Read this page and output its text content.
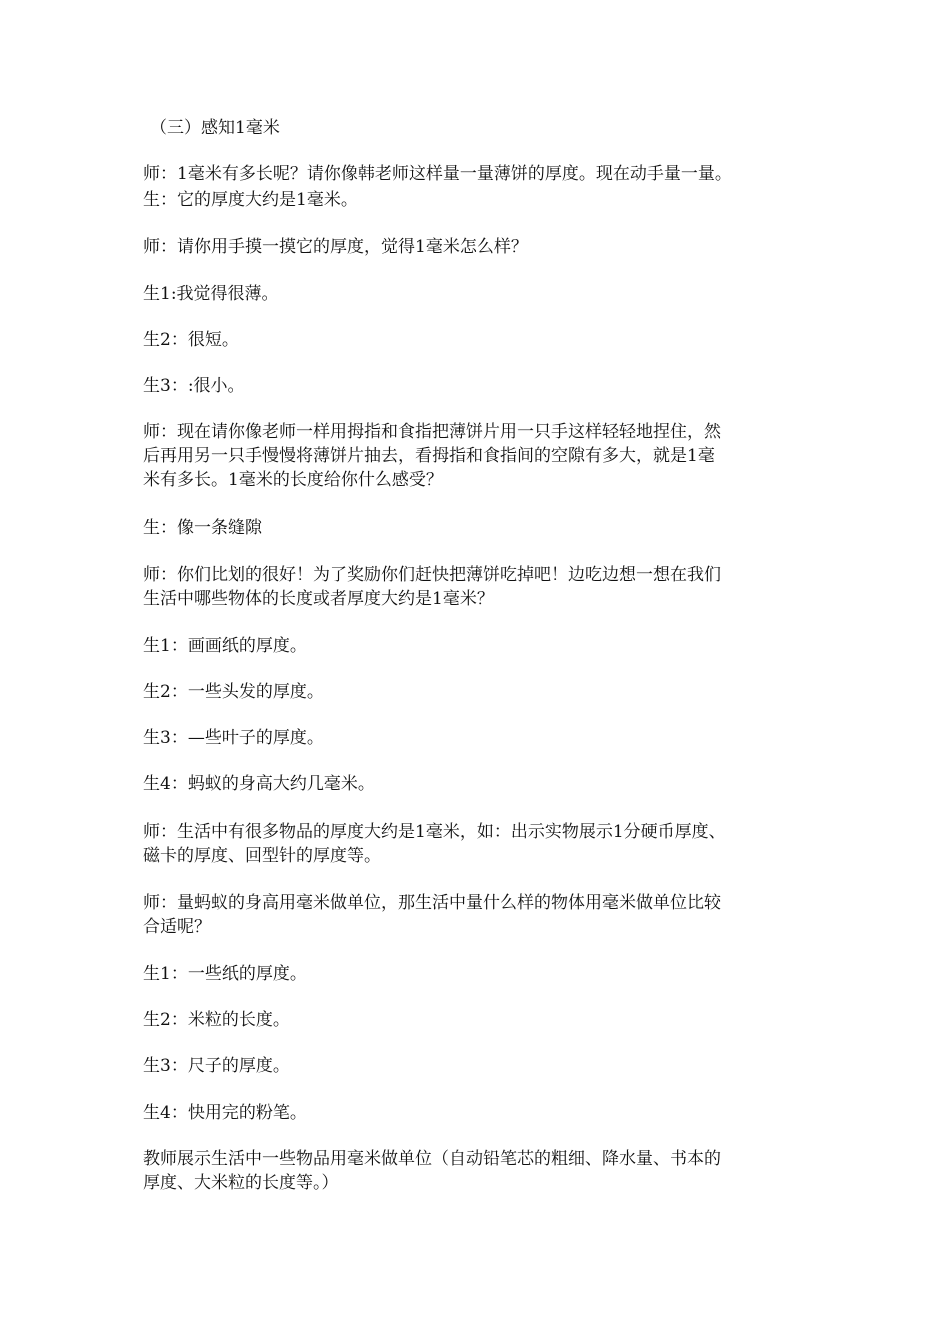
（三）感知1毫米
师：1毫米有多长呢？请你像韩老师这样量一量薄饼的厚度。现在动手量一量。
生：它的厚度大约是1毫米。
师：请你用手摸一摸它的厚度，觉得1毫米怎么样？
生1:我觉得很薄。
生2：很短。
生3：:很小。
师：现在请你像老师一样用拇指和食指把薄饼片用一只手这样轻轻地捏住，然
后再用另一只手慢慢将薄饼片抽去，看拇指和食指间的空隙有多大，就是1毫
米有多长。1毫米的长度给你什么感受？
生：像一条缝隙
师：你们比划的很好！为了奖励你们赶快把薄饼吃掉吧！边吃边想一想在我们
生活中哪些物体的长度或者厚度大约是1毫米？
生1：画画纸的厚度。
生2：一些头发的厚度。
生3：—些叶子的厚度。
生4：蚂蚁的身高大约几毫米。
师：生活中有很多物品的厚度大约是1毫米，如：出示实物展示1分硬币厚度、
磁卡的厚度、回型针的厚度等。
师：量蚂蚁的身高用毫米做单位，那生活中量什么样的物体用毫米做单位比较
合适呢？
生1：一些纸的厚度。
生2：米粒的长度。
生3：尺子的厚度。
生4：快用完的粉笔。
教师展示生活中一些物品用毫米做单位（自动铅笔芯的粗细、降水量、书本的
厚度、大米粒的长度等。）
